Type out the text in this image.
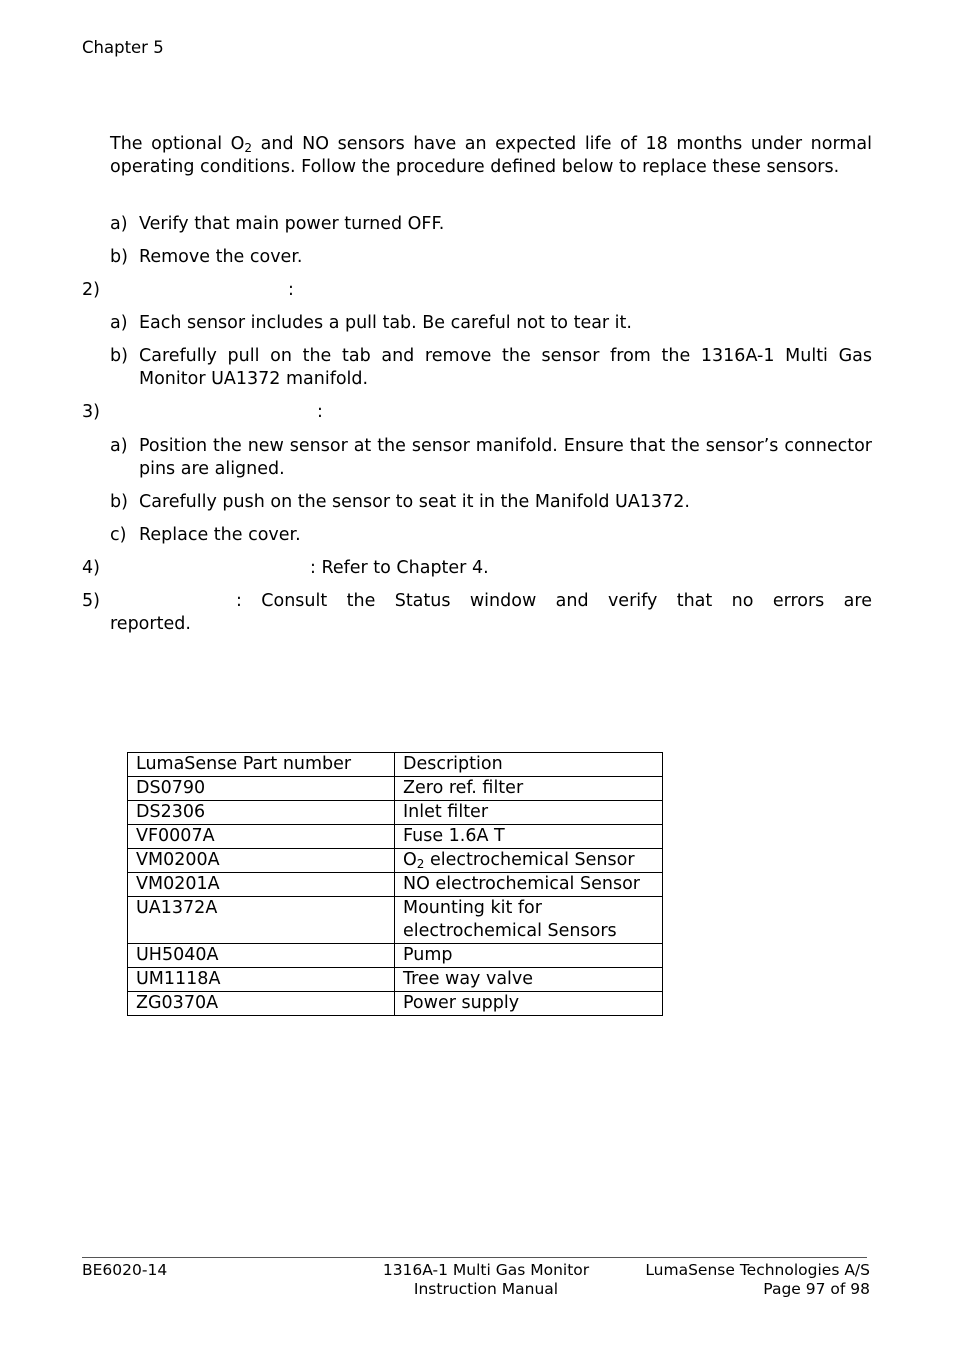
Chapter 5
The optional $O_2$ and NO sensors have an expected life of 18 months under normal operating conditions. Follow the procedure defined below to replace these sensors.
a) Verify that main power turned OFF.
b) Remove the cover.
2)	:
a) Each sensor includes a pull tab. Be careful not to tear it.
b) Carefully pull on the tab and remove the sensor from the 1316A-1 Multi Gas Monitor UA1372 manifold.
3)	:
a) Position the new sensor at the sensor manifold. Ensure that the sensor’s connector pins are aligned.
b) Carefully push on the sensor to seat it in the Manifold UA1372.
c) Replace the cover.
4)	: Refer to Chapter 4.
5)	: Consult the Status window and verify that no errors are
reported.
LumaSense Part number	Description
DS0790	Zero ref. filter
DS2306	Inlet filter
VF0007A	Fuse 1.6A T
VM0200A	$O_2$ electrochemical Sensor
VM0201A	NO electrochemical Sensor
UA1372A	Mounting kit for electrochemical Sensors
UH5040A	Pump
UM1118A	Tree way valve
ZG0370A	Power supply
BE6020-14	1316A-1 Multi Gas Monitor
Instruction Manual
LumaSense Technologies A/S
Page 97 of 98
